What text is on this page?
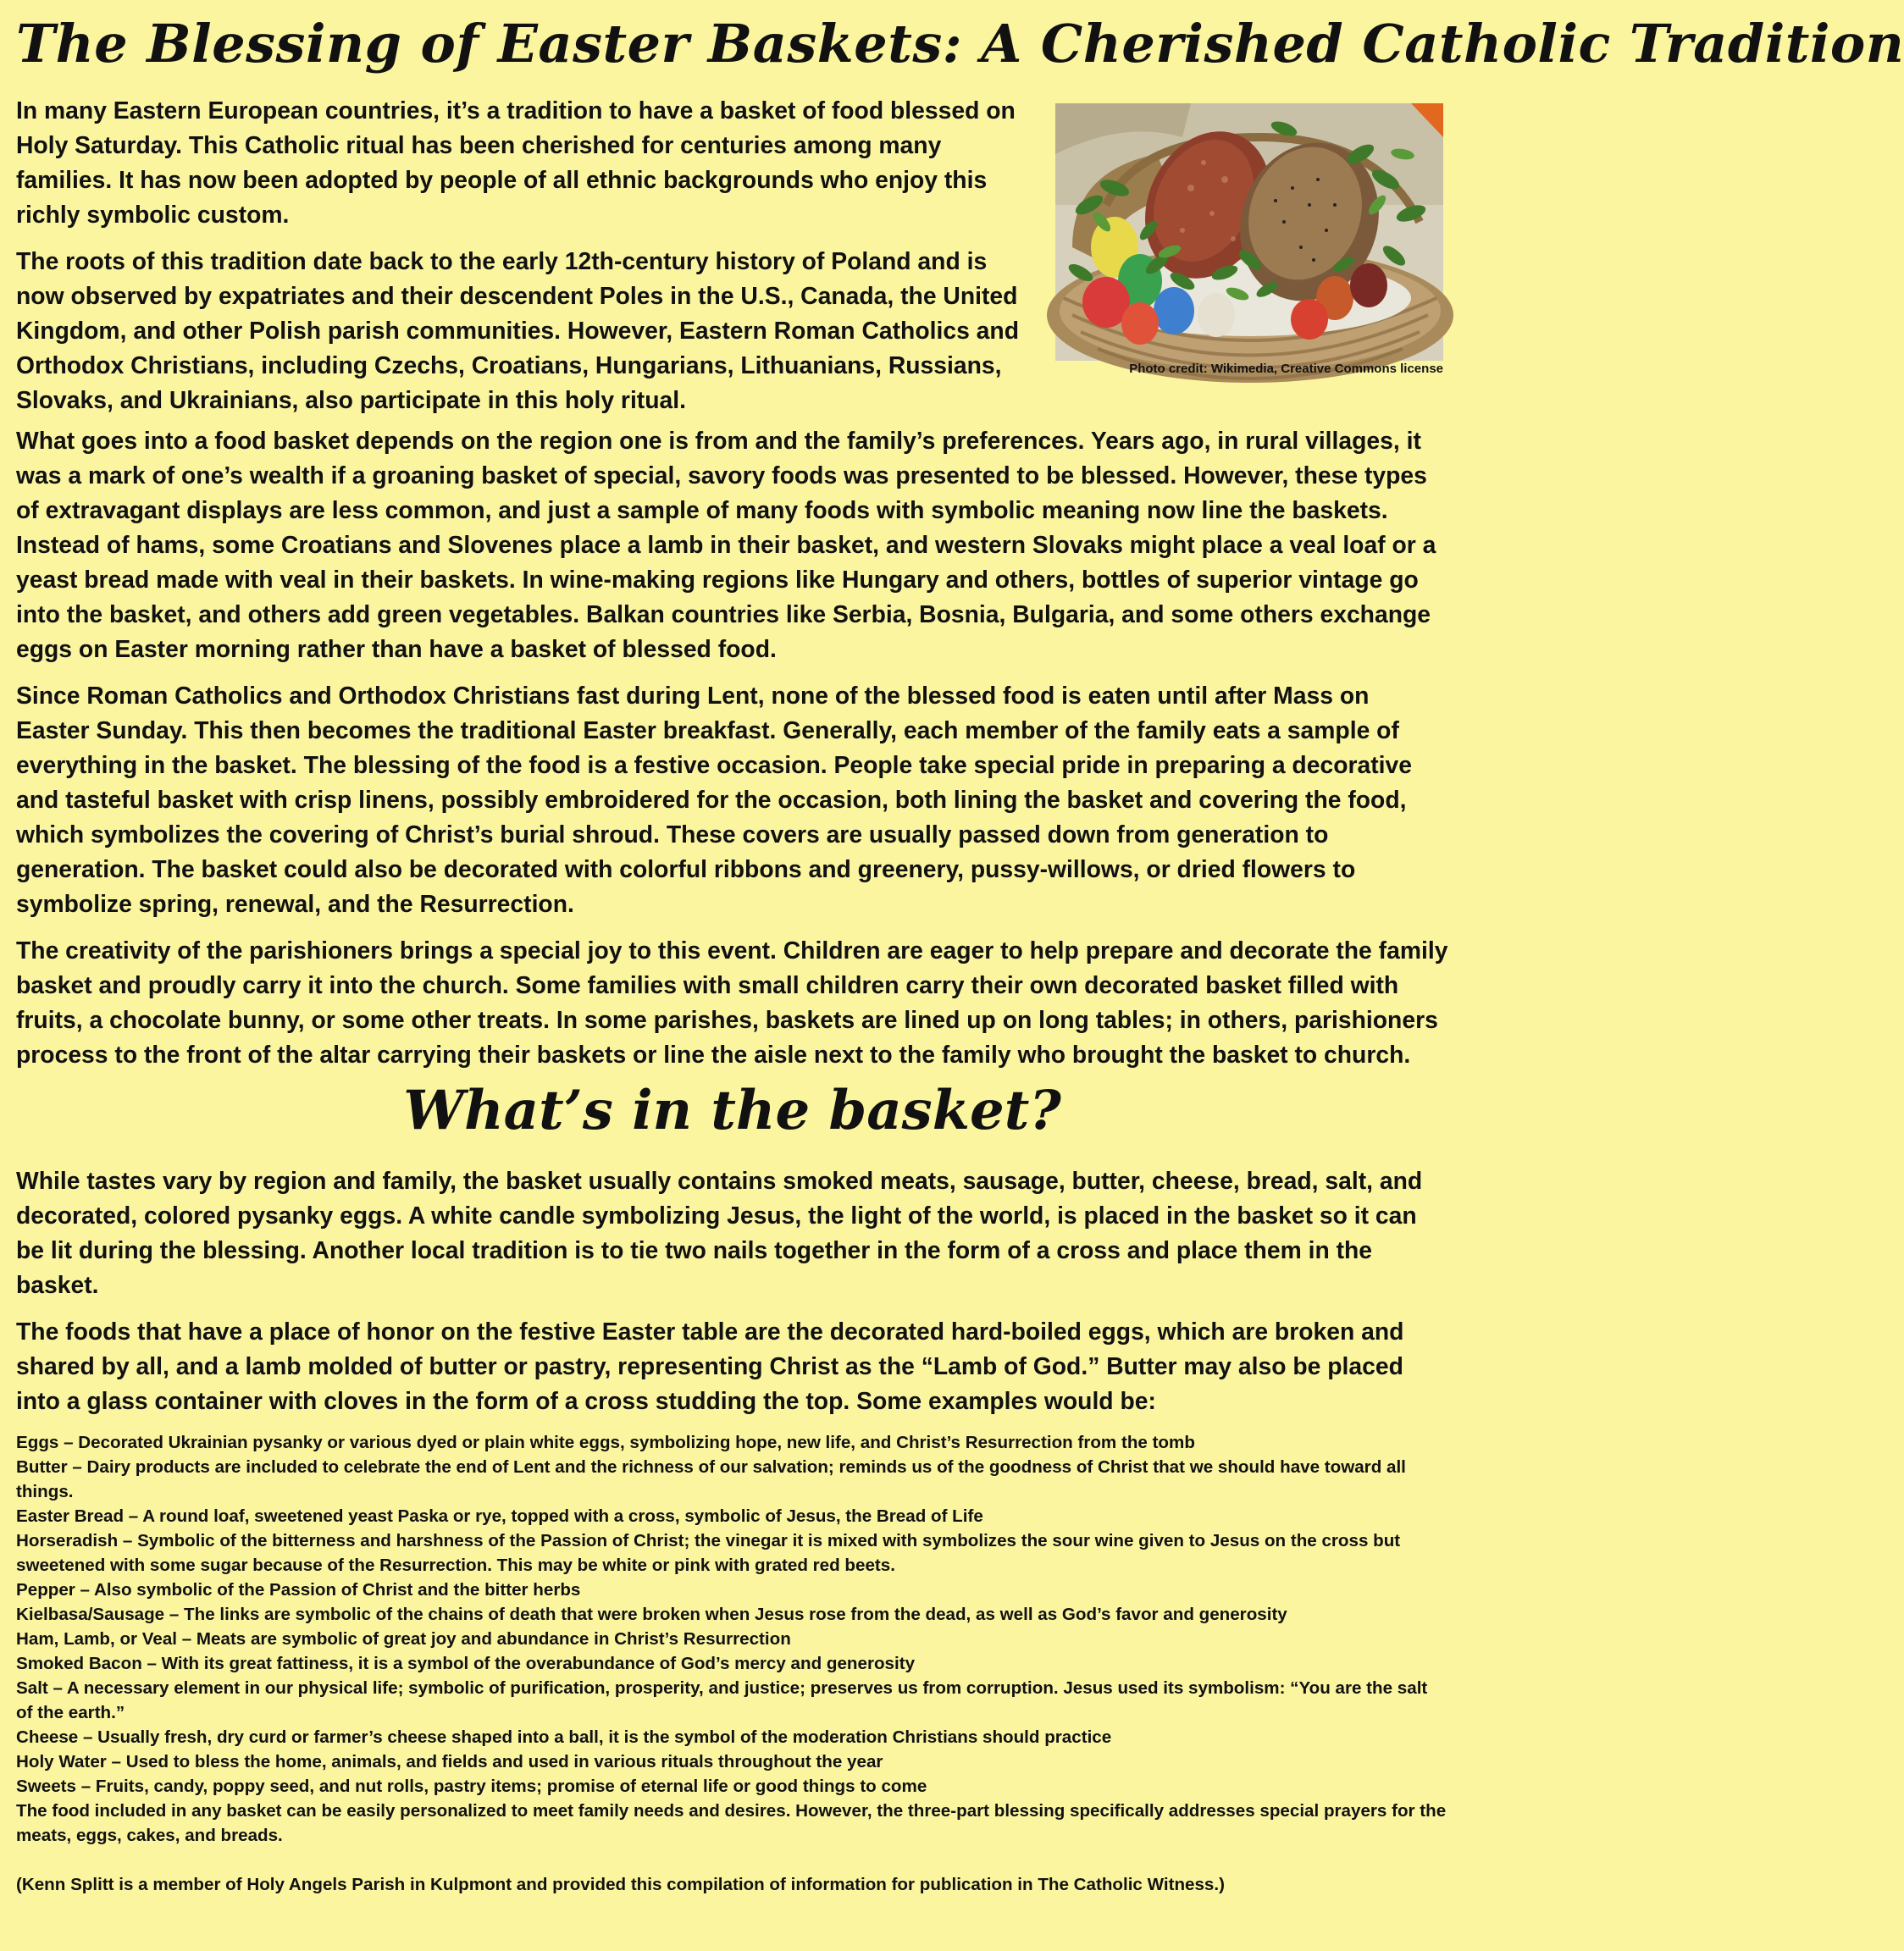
The Blessing of Easter Baskets: A Cherished Catholic Tradition
Photo credit: Wikimedia, Creative Commons license

In many Eastern European countries, it’s a tradition to have a basket of food blessed on Holy Saturday. This Catholic ritual has been cherished for centuries among many families. It has now been adopted by people of all ethnic backgrounds who enjoy this richly symbolic custom.

The roots of this tradition date back to the early 12th-century history of Poland and is now observed by expatriates and their descendent Poles in the U.S., Canada, the United Kingdom, and other Polish parish communities. However, Eastern Roman Catholics and Orthodox Christians, including Czechs, Croatians, Hungarians, Lithuanians, Russians, Slovaks, and Ukrainians, also participate in this holy ritual.

What goes into a food basket depends on the region one is from and the family’s preferences. Years ago, in rural villages, it was a mark of one’s wealth if a groaning basket of special, savory foods was presented to be blessed. However, these types of extravagant displays are less common, and just a sample of many foods with symbolic meaning now line the baskets. Instead of hams, some Croatians and Slovenes place a lamb in their basket, and western Slovaks might place a veal loaf or a yeast bread made with veal in their baskets. In wine-making regions like Hungary and others, bottles of superior vintage go into the basket, and others add green vegetables. Balkan countries like Serbia, Bosnia, Bulgaria, and some others exchange eggs on Easter morning rather than have a basket of blessed food.

Since Roman Catholics and Orthodox Christians fast during Lent, none of the blessed food is eaten until after Mass on Easter Sunday. This then becomes the traditional Easter breakfast. Generally, each member of the family eats a sample of everything in the basket. The blessing of the food is a festive occasion. People take special pride in preparing a decorative and tasteful basket with crisp linens, possibly embroidered for the occasion, both lining the basket and covering the food, which symbolizes the covering of Christ’s burial shroud. These covers are usually passed down from generation to generation. The basket could also be decorated with colorful ribbons and greenery, pussy-willows, or dried flowers to symbolize spring, renewal, and the Resurrection.

The creativity of the parishioners brings a special joy to this event. Children are eager to help prepare and decorate the family basket and proudly carry it into the church. Some families with small children carry their own decorated basket filled with fruits, a chocolate bunny, or some other treats. In some parishes, baskets are lined up on long tables; in others, parishioners process to the front of the altar carrying their baskets or line the aisle next to the family who brought the basket to church.

What’s in the basket?

While tastes vary by region and family, the basket usually contains smoked meats, sausage, butter, cheese, bread, salt, and decorated, colored pysanky eggs. A white candle symbolizing Jesus, the light of the world, is placed in the basket so it can be lit during the blessing. Another local tradition is to tie two nails together in the form of a cross and place them in the basket.

The foods that have a place of honor on the festive Easter table are the decorated hard-boiled eggs, which are broken and shared by all, and a lamb molded of butter or pastry, representing Christ as the “Lamb of God.” Butter may also be placed into a glass container with cloves in the form of a cross studding the top. Some examples would be:

Eggs – Decorated Ukrainian pysanky or various dyed or plain white eggs, symbolizing hope, new life, and Christ’s Resurrection from the tomb
Butter – Dairy products are included to celebrate the end of Lent and the richness of our salvation; reminds us of the goodness of Christ that we should have toward all things.
Easter Bread – A round loaf, sweetened yeast Paska or rye, topped with a cross, symbolic of Jesus, the Bread of Life
Horseradish – Symbolic of the bitterness and harshness of the Passion of Christ; the vinegar it is mixed with symbolizes the sour wine given to Jesus on the cross but sweetened with some sugar because of the Resurrection. This may be white or pink with grated red beets.
Pepper – Also symbolic of the Passion of Christ and the bitter herbs
Kielbasa/Sausage – The links are symbolic of the chains of death that were broken when Jesus rose from the dead, as well as God’s favor and generosity
Ham, Lamb, or Veal – Meats are symbolic of great joy and abundance in Christ’s Resurrection
Smoked Bacon – With its great fattiness, it is a symbol of the overabundance of God’s mercy and generosity
Salt – A necessary element in our physical life; symbolic of purification, prosperity, and justice; preserves us from corruption. Jesus used its symbolism: “You are the salt of the earth.”
Cheese – Usually fresh, dry curd or farmer’s cheese shaped into a ball, it is the symbol of the moderation Christians should practice
Holy Water – Used to bless the home, animals, and fields and used in various rituals throughout the year
Sweets – Fruits, candy, poppy seed, and nut rolls, pastry items; promise of eternal life or good things to come

The food included in any basket can be easily personalized to meet family needs and desires. However, the three-part blessing specifically addresses special prayers for the meats, eggs, cakes, and breads.

(Kenn Splitt is a member of Holy Angels Parish in Kulpmont and provided this compilation of information for publication in The Catholic Witness.)
